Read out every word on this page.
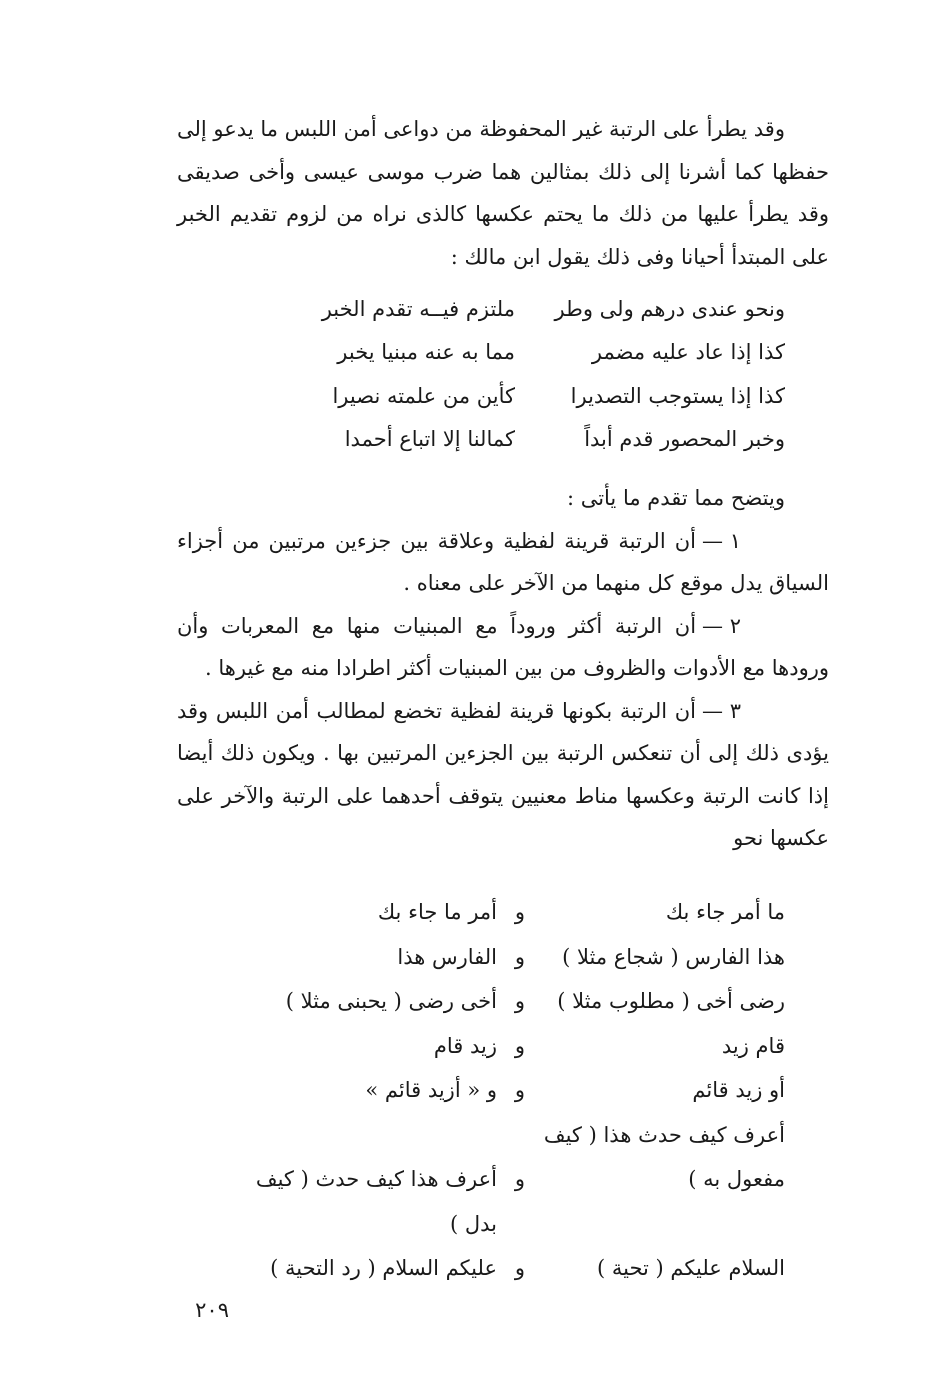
وقد يطرأ على الرتبة غير المحفوظة من دواعى أمن اللبس ما يدعو إلى حفظها كما أشرنا إلى ذلك بمثالين هما ضرب موسى عيسى وأخى صديقى وقد يطرأ عليها من ذلك ما يحتم عكسها كالذى نراه من لزوم تقديم الخبر على المبتدأ أحيانا وفى ذلك يقول ابن مالك :

ونحو عندى درهم ولى وطر
ملتزم فيــه تقدم الخبر
كذا إذا عاد عليه مضمر
مما به عنه مبنيا يخبر
كذا إذا يستوجب التصديرا
كأين من علمته نصيرا
وخبر المحصور قدم أبداً
كمالنا إلا اتباع أحمدا

ويتضح مما تقدم ما يأتى :

١ —أن الرتبة قرينة لفظية وعلاقة بين جزءين مرتبين من أجزاء السياق يدل موقع كل منهما من الآخر على معناه .

٢ —أن الرتبة أكثر وروداً مع المبنيات منها مع المعربات وأن ورودها مع الأدوات والظروف من بين المبنيات أكثر اطرادا منه مع غيرها .

٣ —أن الرتبة بكونها قرينة لفظية تخضع لمطالب أمن اللبس وقد يؤدى ذلك إلى أن تنعكس الرتبة بين الجزءين المرتبين بها . ويكون ذلك أيضا إذا كانت الرتبة وعكسها مناط معنيين يتوقف أحدهما على الرتبة والآخر على عكسها نحو

ما أمر جاء بك
و
أمر ما جاء بك
هذا الفارس ( شجاع مثلا )
و
الفارس هذا
رضى أخى ( مطلوب مثلا )
و
أخى رضى ( يحبنى مثلا )
قام زيد
و
زيد قام
أو زيد قائم
و
و « أزيد قائم »
أعرف كيف حدث هذا ( كيف
مفعول به )
و
أعرف هذا كيف حدث ( كيف
بدل )
السلام عليكم ( تحية )
و
عليكم السلام ( رد التحية )
٢٠٩
